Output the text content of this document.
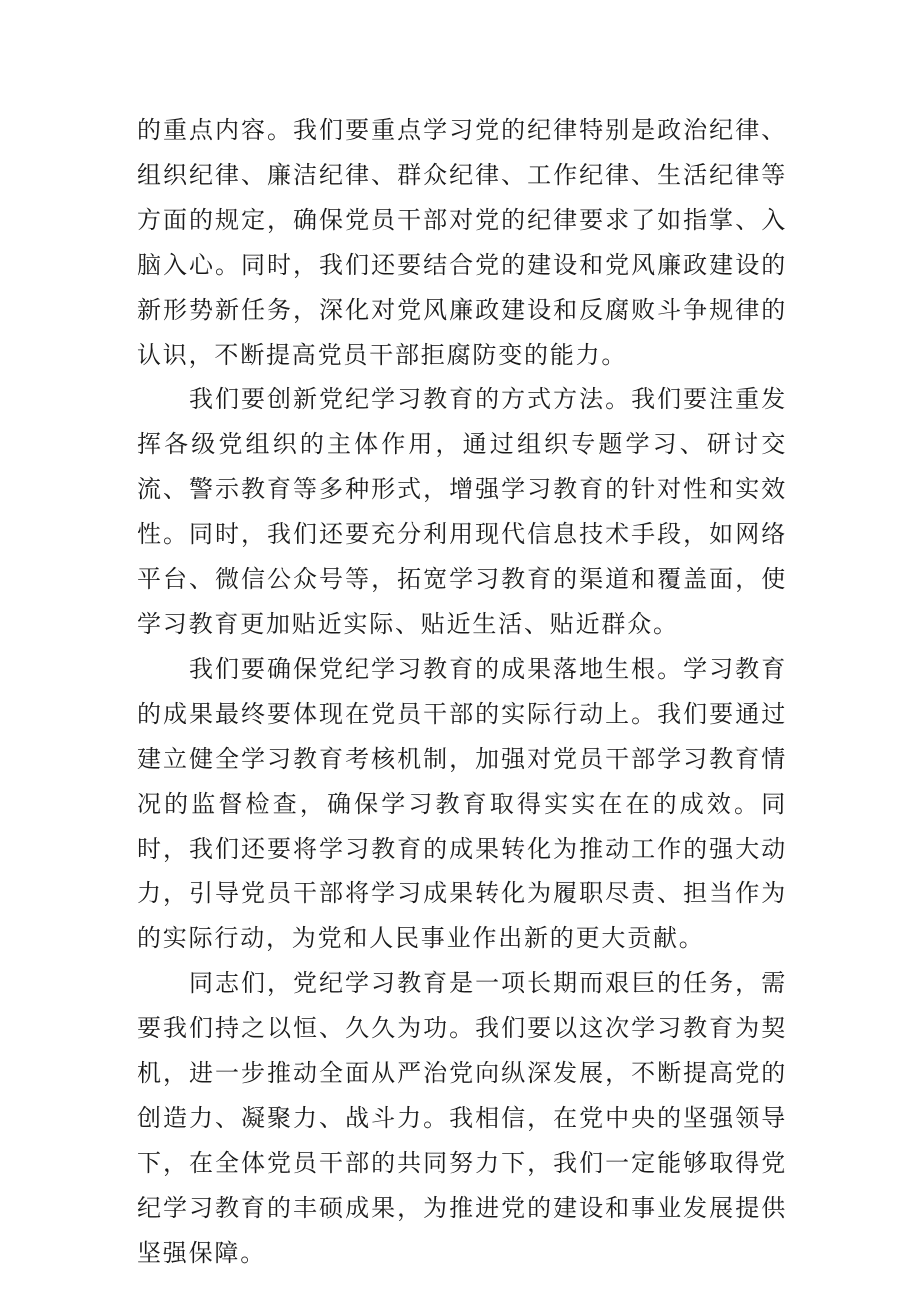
的重点内容。我们要重点学习党的纪律特别是政治纪律、组织纪律、廉洁纪律、群众纪律、工作纪律、生活纪律等方面的规定，确保党员干部对党的纪律要求了如指掌、入脑入心。同时，我们还要结合党的建设和党风廉政建设的新形势新任务，深化对党风廉政建设和反腐败斗争规律的认识，不断提高党员干部拒腐防变的能力。

我们要创新党纪学习教育的方式方法。我们要注重发挥各级党组织的主体作用，通过组织专题学习、研讨交流、警示教育等多种形式，增强学习教育的针对性和实效性。同时，我们还要充分利用现代信息技术手段，如网络平台、微信公众号等，拓宽学习教育的渠道和覆盖面，使学习教育更加贴近实际、贴近生活、贴近群众。

我们要确保党纪学习教育的成果落地生根。学习教育的成果最终要体现在党员干部的实际行动上。我们要通过建立健全学习教育考核机制，加强对党员干部学习教育情况的监督检查，确保学习教育取得实实在在的成效。同时，我们还要将学习教育的成果转化为推动工作的强大动力，引导党员干部将学习成果转化为履职尽责、担当作为的实际行动，为党和人民事业作出新的更大贡献。

同志们，党纪学习教育是一项长期而艰巨的任务，需要我们持之以恒、久久为功。我们要以这次学习教育为契机，进一步推动全面从严治党向纵深发展，不断提高党的创造力、凝聚力、战斗力。我相信，在党中央的坚强领导下，在全体党员干部的共同努力下，我们一定能够取得党纪学习教育的丰硕成果，为推进党的建设和事业发展提供坚强保障。
